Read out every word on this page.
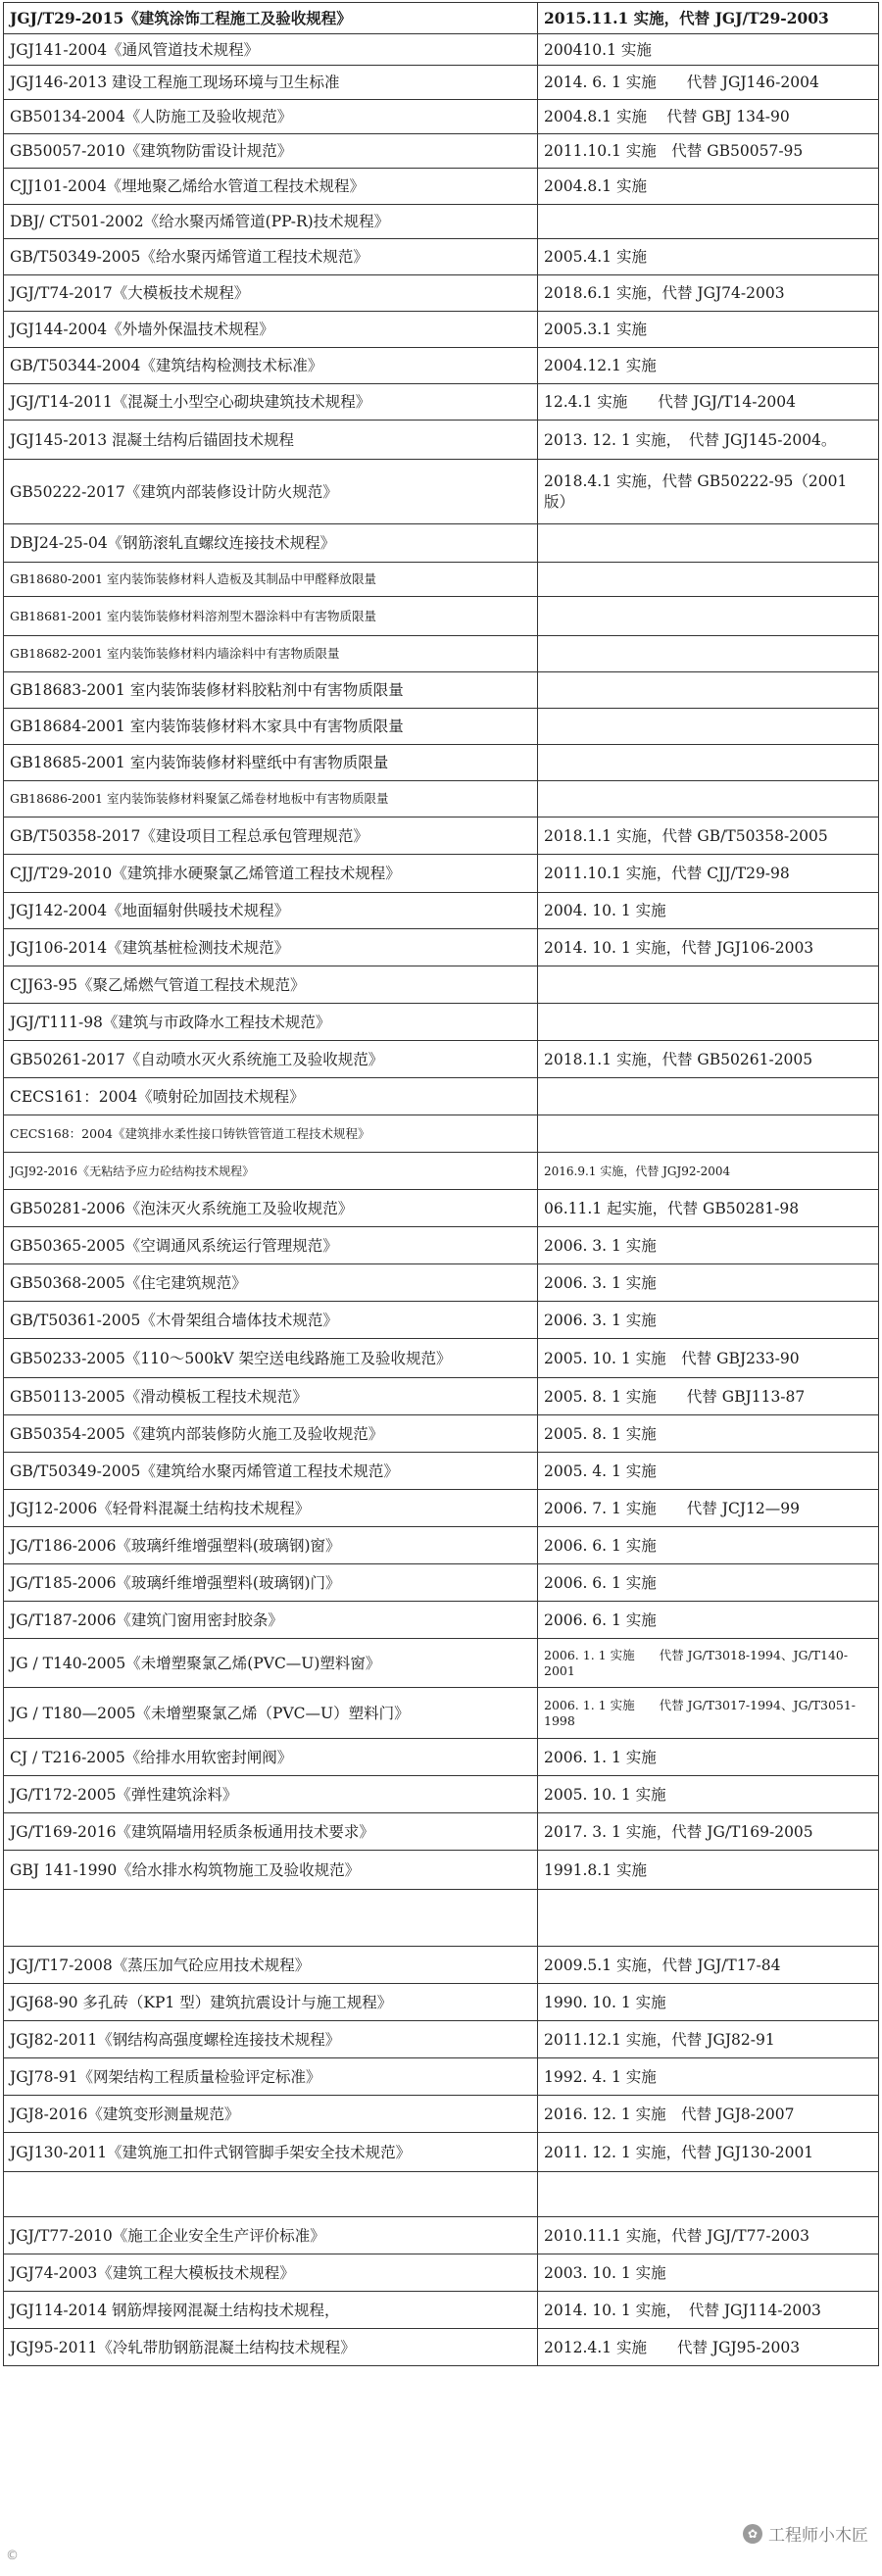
JGJ/T29-2015《建筑涂饰工程施工及验收规程》	2015.11.1 实施，代替 JGJ/T29-2003
JGJ141-2004《通风管道技术规程》	200410.1 实施
JGJ146-2013 建设工程施工现场环境与卫生标准	2014. 6. 1 实施　　代替 JGJ146-2004
GB50134-2004《人防施工及验收规范》	2004.8.1 实施　 代替 GBJ 134-90
GB50057-2010《建筑物防雷设计规范》	2011.10.1 实施　代替 GB50057-95
CJJ101-2004《埋地聚乙烯给水管道工程技术规程》	2004.8.1 实施
DBJ/ CT501-2002《给水聚丙烯管道(PP-R)技术规程》	
GB/T50349-2005《给水聚丙烯管道工程技术规范》	2005.4.1 实施
JGJ/T74-2017《大模板技术规程》	2018.6.1 实施，代替 JGJ74-2003
JGJ144-2004《外墙外保温技术规程》	2005.3.1 实施
GB/T50344-2004《建筑结构检测技术标准》	2004.12.1 实施
JGJ/T14-2011《混凝土小型空心砌块建筑技术规程》	12.4.1 实施　　代替 JGJ/T14-2004
JGJ145-2013 混凝土结构后锚固技术规程	2013. 12. 1 实施，　代替 JGJ145-2004。
GB50222-2017《建筑内部装修设计防火规范》	2018.4.1 实施，代替 GB50222-95（2001 版）
DBJ24-25-04《钢筋滚轧直螺纹连接技术规程》	
GB18680-2001 室内装饰装修材料人造板及其制品中甲醛释放限量	
GB18681-2001 室内装饰装修材料溶剂型木器涂料中有害物质限量	
GB18682-2001 室内装饰装修材料内墙涂料中有害物质限量	
GB18683-2001 室内装饰装修材料胶粘剂中有害物质限量	
GB18684-2001 室内装饰装修材料木家具中有害物质限量	
GB18685-2001 室内装饰装修材料壁纸中有害物质限量	
GB18686-2001 室内装饰装修材料聚氯乙烯卷材地板中有害物质限量	
GB/T50358-2017《建设项目工程总承包管理规范》	2018.1.1 实施，代替 GB/T50358-2005
CJJ/T29-2010《建筑排水硬聚氯乙烯管道工程技术规程》	2011.10.1 实施，代替 CJJ/T29-98
JGJ142-2004《地面辐射供暖技术规程》	2004. 10. 1 实施
JGJ106-2014《建筑基桩检测技术规范》	2014. 10. 1 实施，代替 JGJ106-2003
CJJ63-95《聚乙烯燃气管道工程技术规范》	
JGJ/T111-98《建筑与市政降水工程技术规范》	
GB50261-2017《自动喷水灭火系统施工及验收规范》	2018.1.1 实施，代替 GB50261-2005
CECS161：2004《喷射砼加固技术规程》	
CECS168：2004《建筑排水柔性接口铸铁管管道工程技术规程》	
JGJ92-2016《无粘结予应力砼结构技术规程》	2016.9.1 实施，代替 JGJ92-2004
GB50281-2006《泡沫灭火系统施工及验收规范》	06.11.1 起实施，代替 GB50281-98
GB50365-2005《空调通风系统运行管理规范》	2006. 3. 1 实施
GB50368-2005《住宅建筑规范》	2006. 3. 1 实施
GB/T50361-2005《木骨架组合墙体技术规范》	2006. 3. 1 实施
GB50233-2005《110～500kV 架空送电线路施工及验收规范》	2005. 10. 1 实施　代替 GBJ233-90
GB50113-2005《滑动模板工程技术规范》	2005. 8. 1 实施　　代替 GBJ113-87
GB50354-2005《建筑内部装修防火施工及验收规范》	2005. 8. 1 实施
GB/T50349-2005《建筑给水聚丙烯管道工程技术规范》	2005. 4. 1 实施
JGJ12-2006《轻骨料混凝土结构技术规程》	2006. 7. 1 实施　　代替 JCJ12—99
JG/T186-2006《玻璃纤维增强塑料(玻璃钢)窗》	2006. 6. 1 实施
JG/T185-2006《玻璃纤维增强塑料(玻璃钢)门》	2006. 6. 1 实施
JG/T187-2006《建筑门窗用密封胶条》	2006. 6. 1 实施
JG / T140-2005《未增塑聚氯乙烯(PVC—U)塑料窗》	2006. 1. 1 实施　　代替 JG/T3018-1994、JG/T140-2001
JG / T180—2005《未增塑聚氯乙烯（PVC—U）塑料门》	2006. 1. 1 实施　　代替 JG/T3017-1994、JG/T3051-1998
CJ / T216-2005《给排水用软密封闸阀》	2006. 1. 1 实施
JG/T172-2005《弹性建筑涂料》	2005. 10. 1 实施
JG/T169-2016《建筑隔墙用轻质条板通用技术要求》	2017. 3. 1 实施，代替 JG/T169-2005
GBJ 141-1990《给水排水构筑物施工及验收规范》	1991.8.1 实施

JGJ/T17-2008《蒸压加气砼应用技术规程》	2009.5.1 实施，代替 JGJ/T17-84
JGJ68-90 多孔砖（KP1 型）建筑抗震设计与施工规程》	1990. 10. 1 实施
JGJ82-2011《钢结构高强度螺栓连接技术规程》	2011.12.1 实施，代替 JGJ82-91
JGJ78-91《网架结构工程质量检验评定标准》	1992. 4. 1 实施
JGJ8-2016《建筑变形测量规范》	2016. 12. 1 实施　代替 JGJ8-2007
JGJ130-2011《建筑施工扣件式钢管脚手架安全技术规范》	2011. 12. 1 实施，代替 JGJ130-2001

JGJ/T77-2010《施工企业安全生产评价标准》	2010.11.1 实施，代替 JGJ/T77-2003
JGJ74-2003《建筑工程大模板技术规程》	2003. 10. 1 实施
JGJ114-2014 钢筋焊接网混凝土结构技术规程，	2014. 10. 1 实施，　代替 JGJ114-2003
JGJ95-2011《冷轧带肋钢筋混凝土结构技术规程》	2012.4.1 实施　　代替 JGJ95-2003
✿ 工程师小木匠
©
